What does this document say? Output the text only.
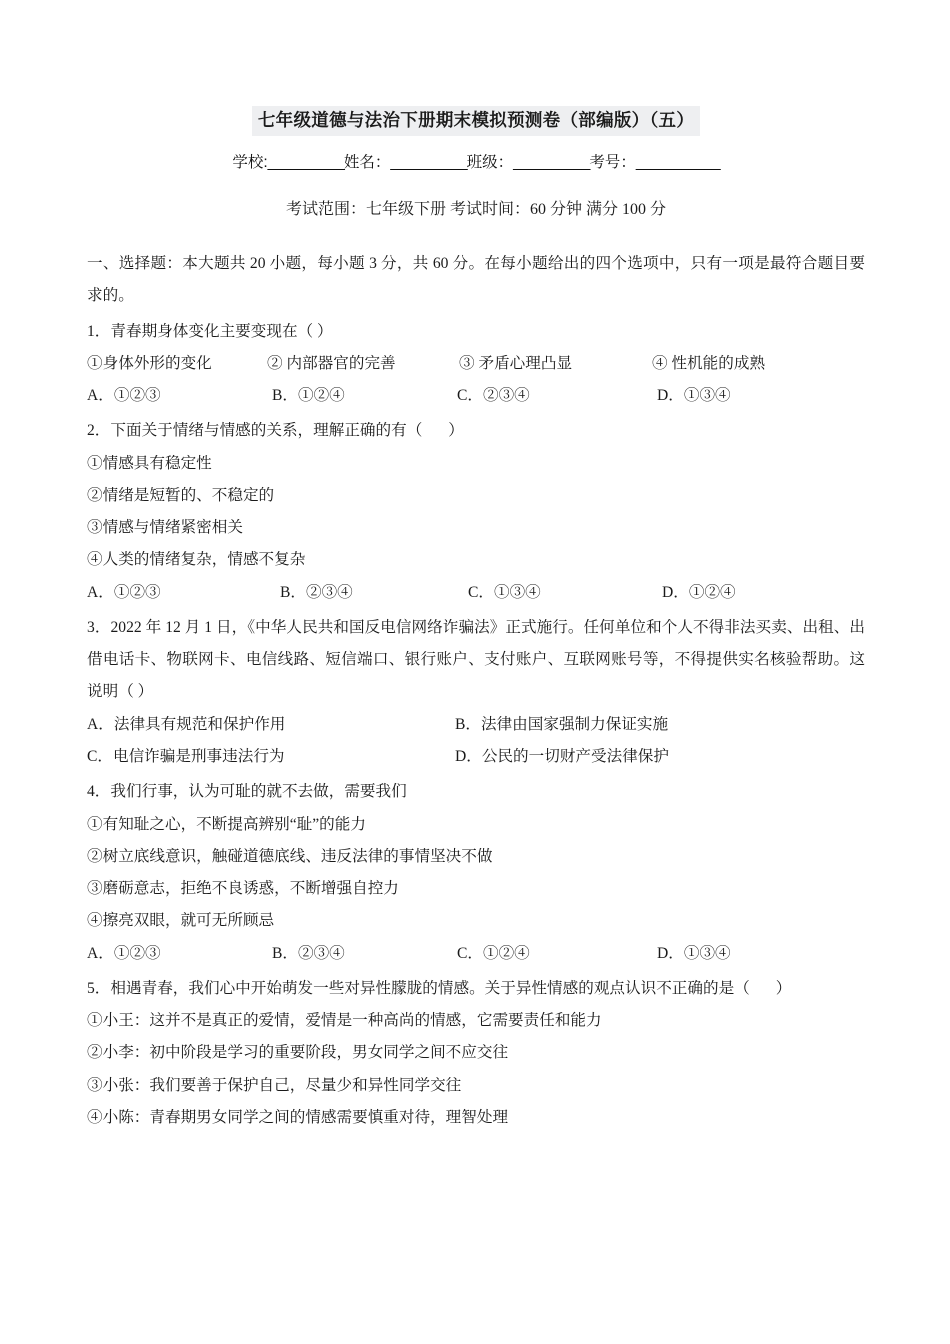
七年级道德与法治下册期末模拟预测卷（部编版）（五）
学校:__________姓名：__________班级：__________考号：___________
考试范围：七年级下册 考试时间：60 分钟 满分 100 分
一、选择题：本大题共 20 小题，每小题 3 分，共 60 分。在每小题给出的四个选项中，只有一项是最符合题目要求的。
1．青春期身体变化主要变现在（ ）
①身体外形的变化	② 内部器官的完善	③ 矛盾心理凸显	④ 性机能的成熟
A．①②③	B．①②④	C．②③④	D．①③④
2．下面关于情绪与情感的关系，理解正确的有（ ）
①情感具有稳定性
②情绪是短暂的、不稳定的
③情感与情绪紧密相关
④人类的情绪复杂，情感不复杂
A．①②③	B．②③④	C．①③④	D．①②④
3．2022 年 12 月 1 日，《中华人民共和国反电信网络诈骗法》正式施行。任何单位和个人不得非法买卖、出租、出借电话卡、物联网卡、电信线路、短信端口、银行账户、支付账户、互联网账号等，不得提供实名核验帮助。这说明（ ）
A．法律具有规范和保护作用	B．法律由国家强制力保证实施
C．电信诈骗是刑事违法行为	D．公民的一切财产受法律保护
4．我们行事，认为可耻的就不去做，需要我们
①有知耻之心，不断提高辨别“耻”的能力
②树立底线意识，触碰道德底线、违反法律的事情坚决不做
③磨砺意志，拒绝不良诱惑，不断增强自控力
④擦亮双眼，就可无所顾忌
A．①②③	B．②③④	C．①②④	D．①③④
5．相遇青春，我们心中开始萌发一些对异性朦胧的情感。关于异性情感的观点认识不正确的是（ ）
①小王：这并不是真正的爱情，爱情是一种高尚的情感，它需要责任和能力
②小李：初中阶段是学习的重要阶段，男女同学之间不应交往
③小张：我们要善于保护自己，尽量少和异性同学交往
④小陈：青春期男女同学之间的情感需要慎重对待，理智处理
